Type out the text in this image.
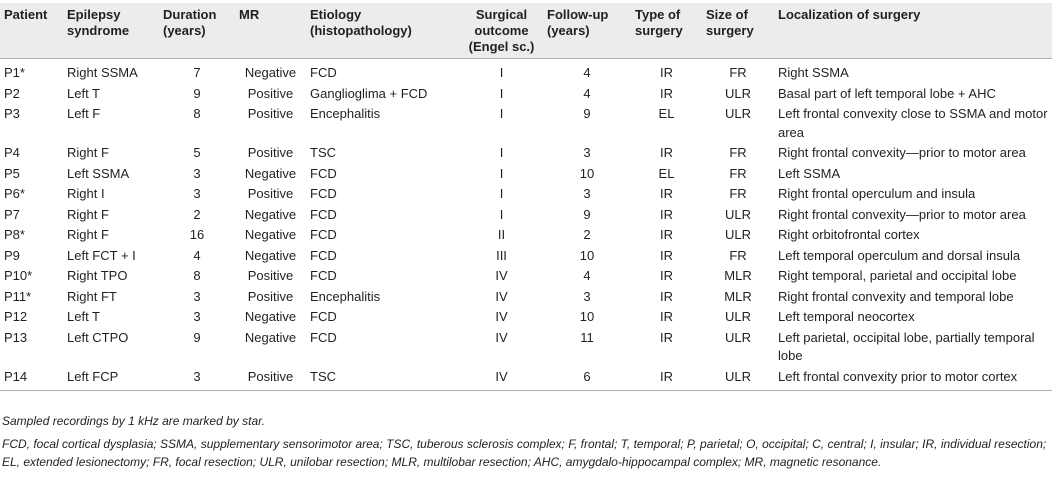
Patient	Epilepsy syndrome	Duration (years)	MR	Etiology (histopathology)	Surgical outcome (Engel sc.)	Follow-up (years)	Type of surgery	Size of surgery	Localization of surgery
P1*	Right SSMA	7	Negative	FCD	I	4	IR	FR	Right SSMA
P2	Left T	9	Positive	Ganglioglima + FCD	I	4	IR	ULR	Basal part of left temporal lobe + AHC
P3	Left F	8	Positive	Encephalitis	I	9	EL	ULR	Left frontal convexity close to SSMA and motor area
P4	Right F	5	Positive	TSC	I	3	IR	FR	Right frontal convexity—prior to motor area
P5	Left SSMA	3	Negative	FCD	I	10	EL	FR	Left SSMA
P6*	Right I	3	Positive	FCD	I	3	IR	FR	Right frontal operculum and insula
P7	Right F	2	Negative	FCD	I	9	IR	ULR	Right frontal convexity—prior to motor area
P8*	Right F	16	Negative	FCD	II	2	IR	ULR	Right orbitofrontal cortex
P9	Left FCT + I	4	Negative	FCD	III	10	IR	FR	Left temporal operculum and dorsal insula
P10*	Right TPO	8	Positive	FCD	IV	4	IR	MLR	Right temporal, parietal and occipital lobe
P11*	Right FT	3	Positive	Encephalitis	IV	3	IR	MLR	Right frontal convexity and temporal lobe
P12	Left T	3	Negative	FCD	IV	10	IR	ULR	Left temporal neocortex
P13	Left CTPO	9	Negative	FCD	IV	11	IR	ULR	Left parietal, occipital lobe, partially temporal lobe
P14	Left FCP	3	Positive	TSC	IV	6	IR	ULR	Left frontal convexity prior to motor cortex

Sampled recordings by 1 kHz are marked by star.

FCD, focal cortical dysplasia; SSMA, supplementary sensorimotor area; TSC, tuberous sclerosis complex; F, frontal; T, temporal; P, parietal; O, occipital; C, central; I, insular; IR, individual resection; EL, extended lesionectomy; FR, focal resection; ULR, unilobar resection; MLR, multilobar resection; AHC, amygdalo-hippocampal complex; MR, magnetic resonance.
